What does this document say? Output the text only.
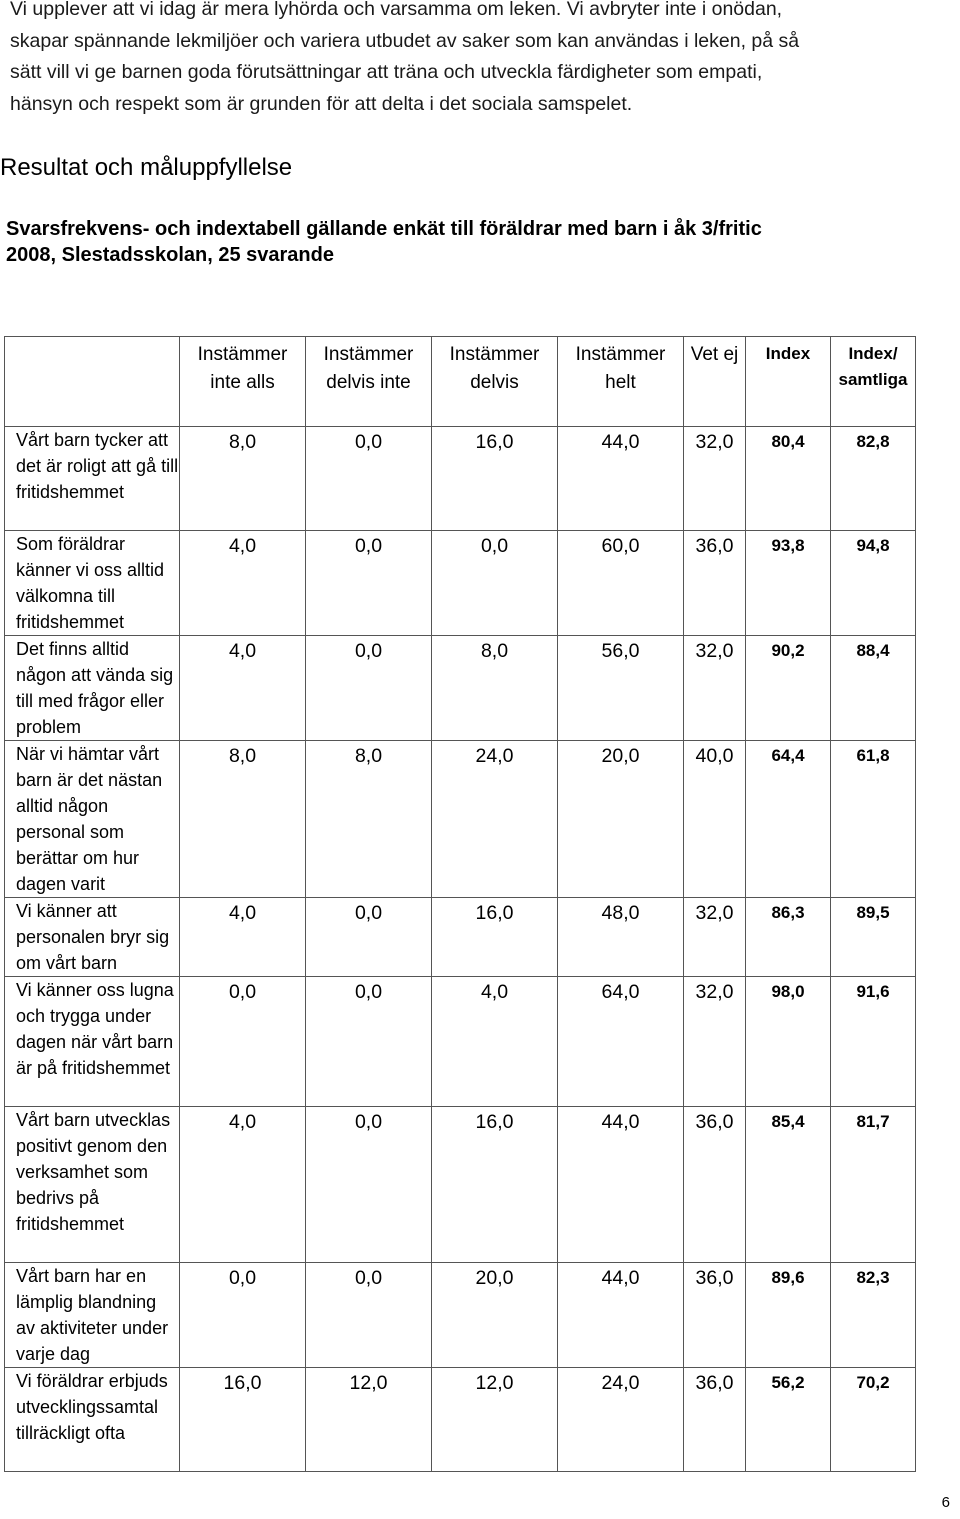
Vi upplever att vi idag är mera lyhörda och varsamma om leken. Vi avbryter inte i onödan,
skapar spännande lekmiljöer och variera utbudet av saker som kan användas i leken, på så
sätt vill vi ge barnen goda förutsättningar att träna och utveckla färdigheter som empati,
hänsyn och respekt som är grunden för att delta i det sociala samspelet.
Resultat och måluppfyllelse
Svarsfrekvens- och indextabell gällande enkät till föräldrar med barn i åk 3/fritic
2008, Slestadsskolan, 25 svarande
	Instämmer inte alls	Instämmer delvis inte	Instämmer delvis	Instämmer helt	Vet ej	Index	Index/ samtliga
Vårt barn tycker att det är roligt att gå till fritidshemmet	8,0	0,0	16,0	44,0	32,0	80,4	82,8
Som föräldrar känner vi oss alltid välkomna till fritidshemmet	4,0	0,0	0,0	60,0	36,0	93,8	94,8
Det finns alltid någon att vända sig till med frågor eller problem	4,0	0,0	8,0	56,0	32,0	90,2	88,4
När vi hämtar vårt barn är det nästan alltid någon personal som berättar om hur dagen varit	8,0	8,0	24,0	20,0	40,0	64,4	61,8
Vi känner att personalen bryr sig om vårt barn	4,0	0,0	16,0	48,0	32,0	86,3	89,5
Vi känner oss lugna och trygga under dagen när vårt barn är på fritidshemmet	0,0	0,0	4,0	64,0	32,0	98,0	91,6
Vårt barn utvecklas positivt genom den verksamhet som bedrivs på fritidshemmet	4,0	0,0	16,0	44,0	36,0	85,4	81,7
Vårt barn har en lämplig blandning av aktiviteter under varje dag	0,0	0,0	20,0	44,0	36,0	89,6	82,3
Vi föräldrar erbjuds utvecklingssamtal tillräckligt ofta	16,0	12,0	12,0	24,0	36,0	56,2	70,2
6
